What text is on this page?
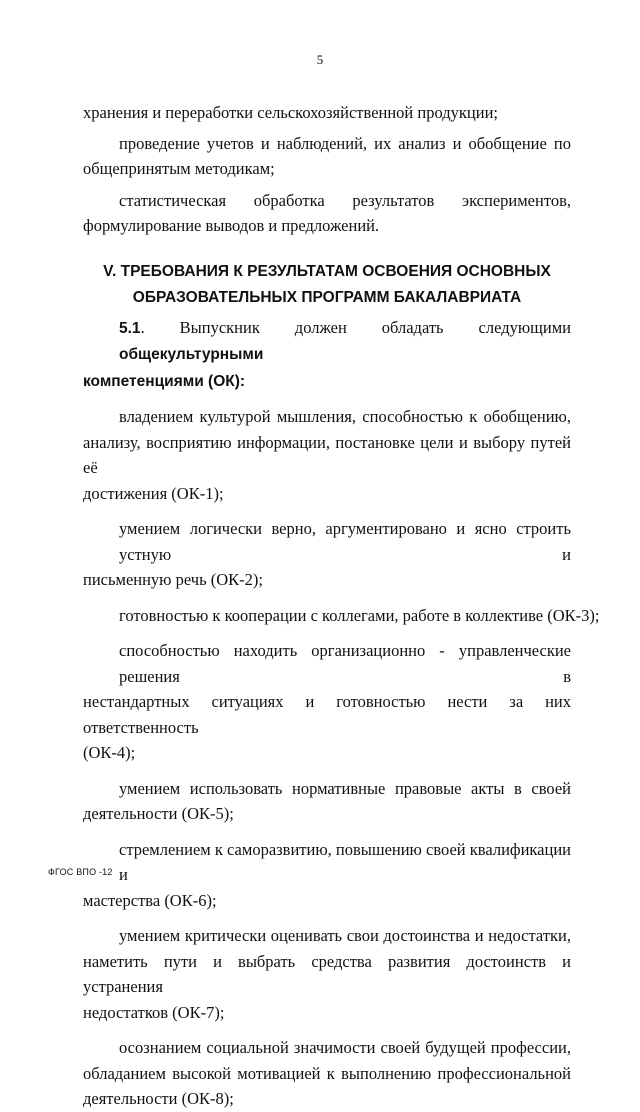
5
хранения и переработки сельскохозяйственной продукции;
проведение учетов и наблюдений, их анализ и обобщение по
общепринятым методикам;
статистическая обработка результатов экспериментов,
формулирование выводов и предложений.
V. ТРЕБОВАНИЯ К РЕЗУЛЬТАТАМ ОСВОЕНИЯ ОСНОВНЫХ
ОБРАЗОВАТЕЛЬНЫХ ПРОГРАММ БАКАЛАВРИАТА
5.1. Выпускник должен обладать следующими общекультурными
компетенциями (ОК):
владением культурой мышления, способностью к обобщению,
анализу, восприятию информации, постановке цели и выбору путей её
достижения (ОК-1);
умением логически верно, аргументировано и ясно строить устную и
письменную речь (ОК-2);
готовностью к кооперации с коллегами, работе в коллективе (ОК-3);
способностью находить организационно - управленческие решения в
нестандартных ситуациях и готовностью нести за них ответственность
(ОК-4);
умением использовать нормативные правовые акты в своей
деятельности (ОК-5);
стремлением к саморазвитию, повышению своей квалификации и
мастерства (ОК-6);
умением критически оценивать свои достоинства и недостатки,
наметить пути и выбрать средства развития достоинств и устранения
недостатков (ОК-7);
осознанием социальной значимости своей будущей профессии,
обладанием высокой мотивацией к выполнению профессиональной
деятельности (ОК-8);
ФГОС ВПО -12
